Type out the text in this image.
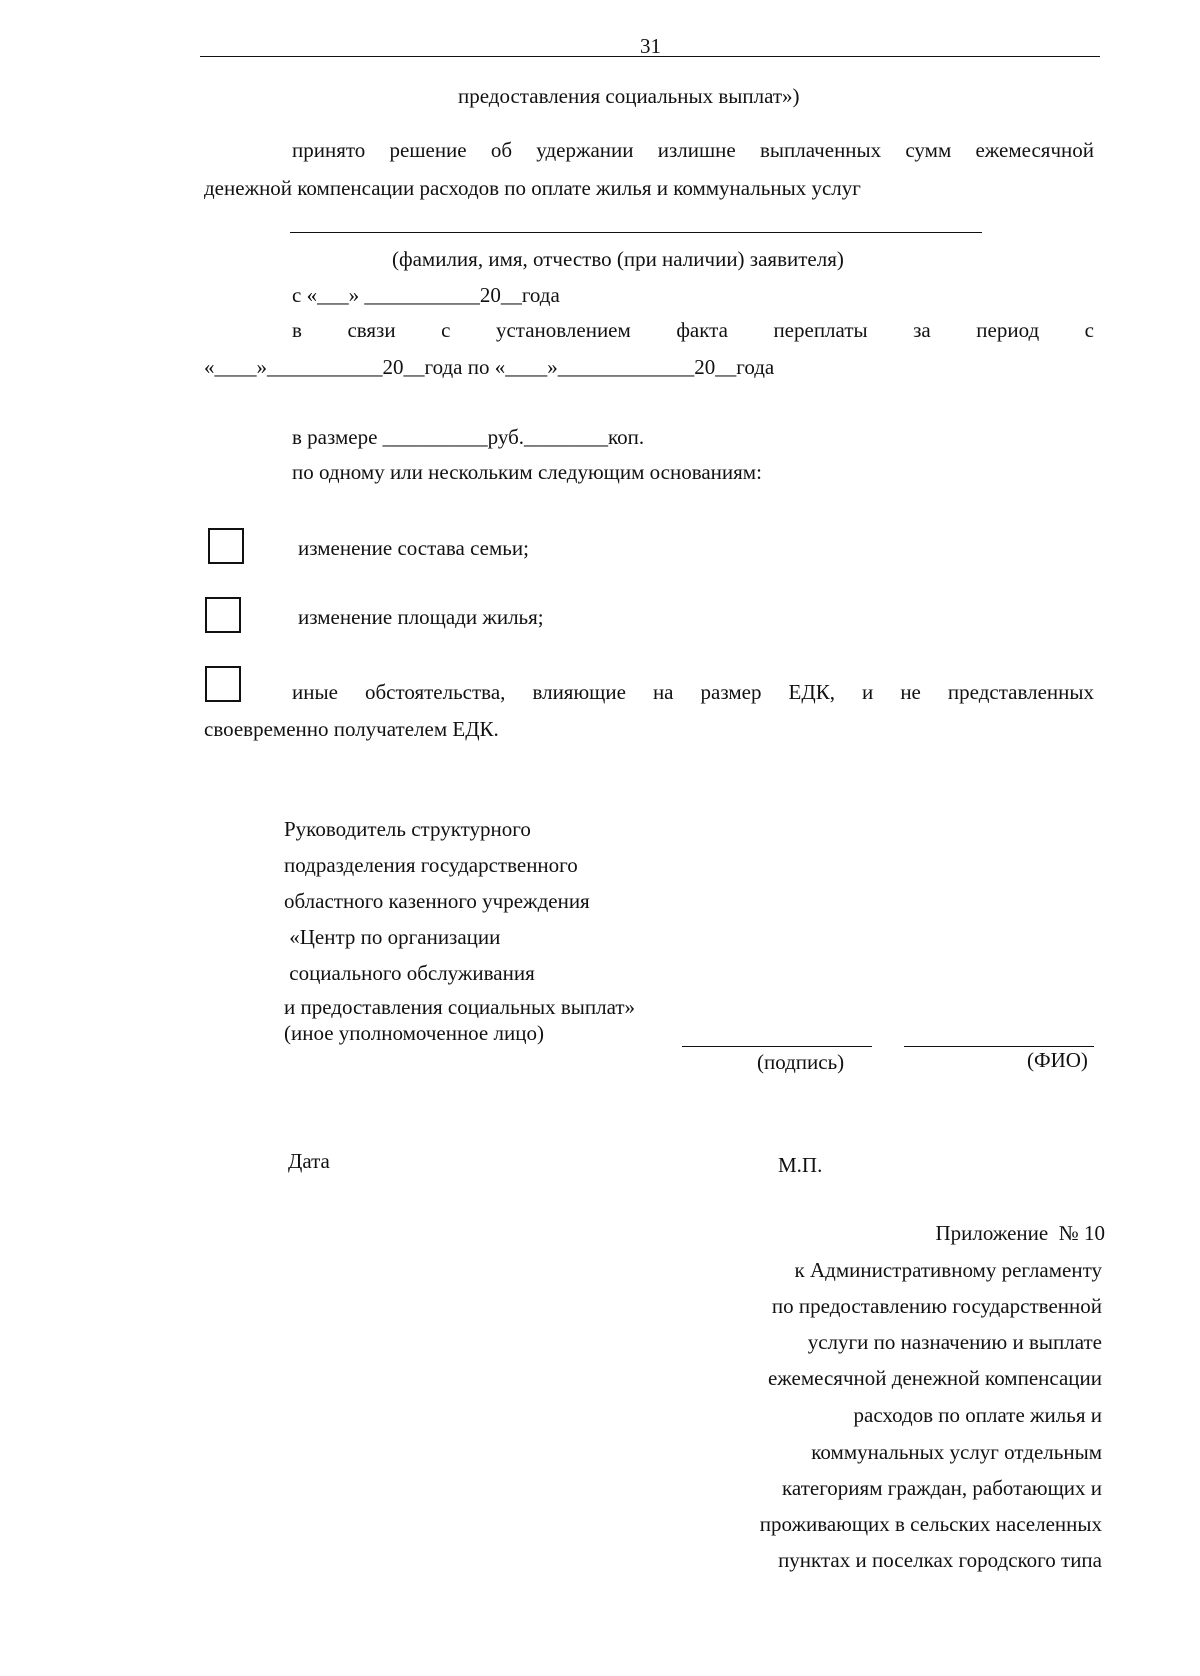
31
предоставления социальных выплат»)
принято решение об удержании излишне выплаченных сумм ежемесячной
денежной компенсации расходов по оплате жилья и коммунальных услуг
(фамилия, имя, отчество (при наличии) заявителя)
с «___» ___________20__года
в связи с установлением факта переплаты за период с
«____»___________20__года по «____»_____________20__года
в размере __________руб.________коп.
по одному или нескольким следующим основаниям:
изменение состава семьи;
изменение площади жилья;
иные обстоятельства, влияющие на размер ЕДК, и не представленных
своевременно получателем ЕДК.
Руководитель структурного
подразделения государственного
областного казенного учреждения
«Центр по организации
социального обслуживания
и предоставления социальных выплат»
(иное уполномоченное лицо)
(подпись)	(ФИО)
Дата	М.П.
Приложение  № 10
к Административному регламенту
по предоставлению государственной
услуги по назначению и выплате
ежемесячной денежной компенсации
расходов по оплате жилья и
коммунальных услуг отдельным
категориям граждан, работающих и
проживающих в сельских населенных
пунктах и поселках городского типа
